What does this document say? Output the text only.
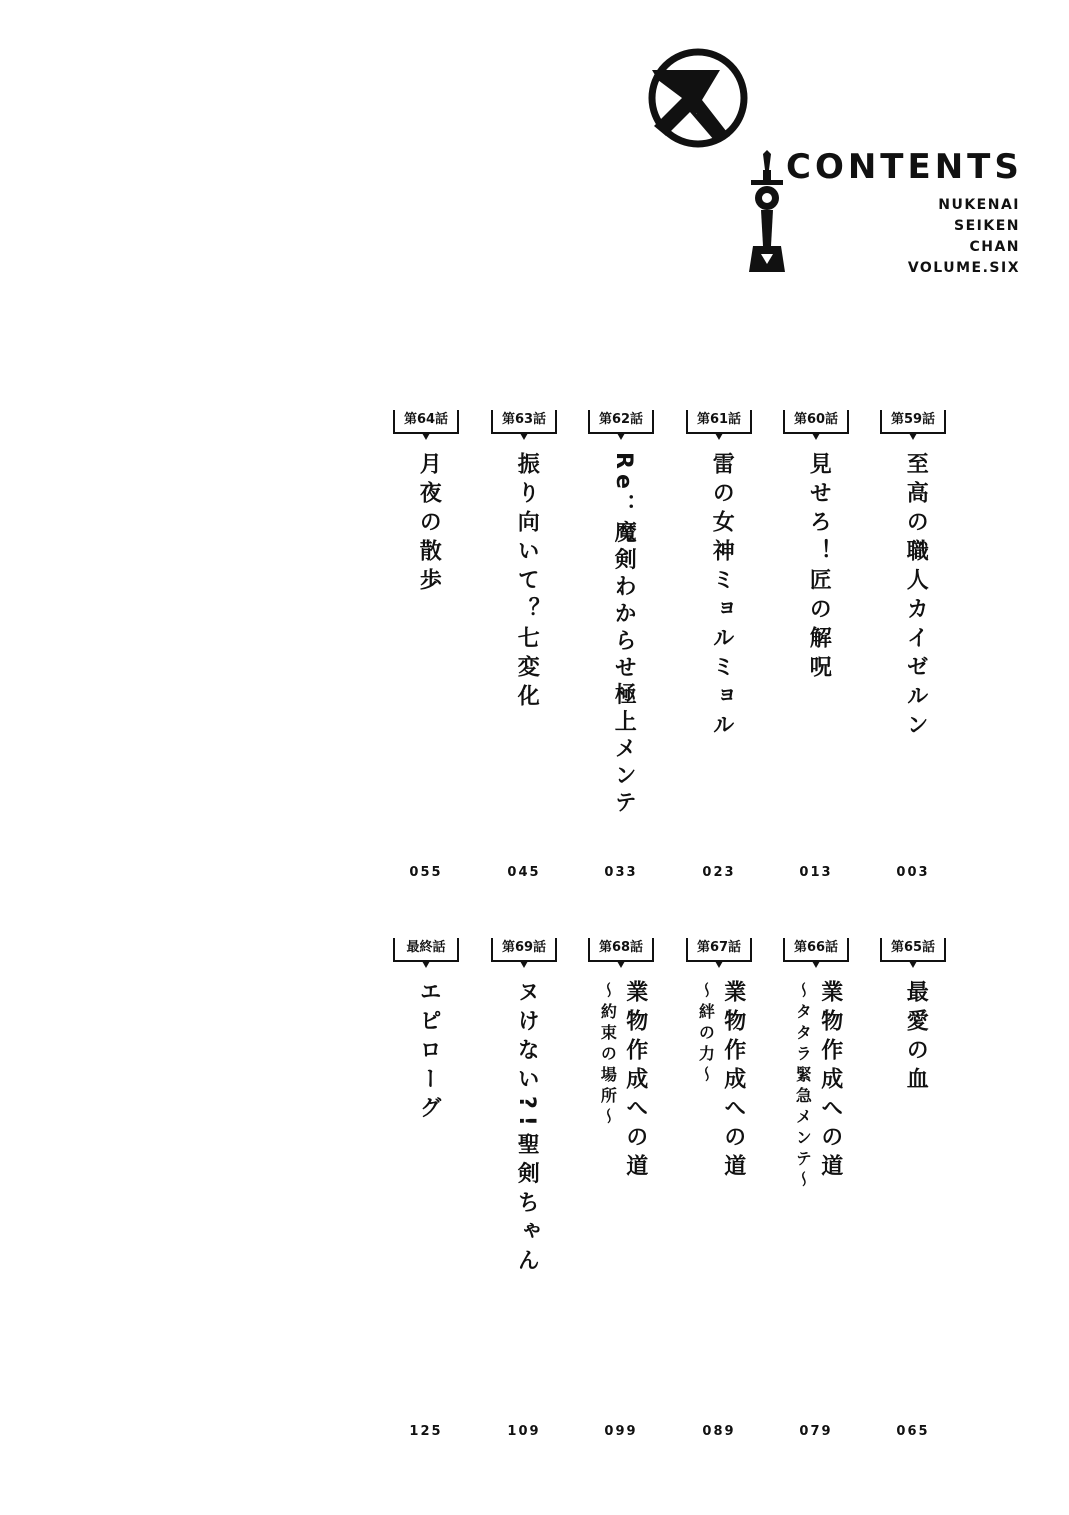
ヌ
CONTENTS
NUKENAI
SEIKEN
CHAN
VOLUME.SIX
第59話
至高の職人カイゼルン
003
第60話
見せろ！匠の解呪
013
第61話
雷の女神ミョルミョル
023
第62話
Re：魔剣わからせ極上メンテ
033
第63話
振り向いて？七変化
045
第64話
月夜の散歩
055
第65話
最愛の血
065
第66話
業物作成への道
〜タタラ緊急メンテ〜
079
第67話
業物作成への道
〜絆の力〜
089
第68話
業物作成への道
〜約束の場所〜
099
第69話
ヌけない?!聖剣ちゃん
109
最終話
エピローグ
125
